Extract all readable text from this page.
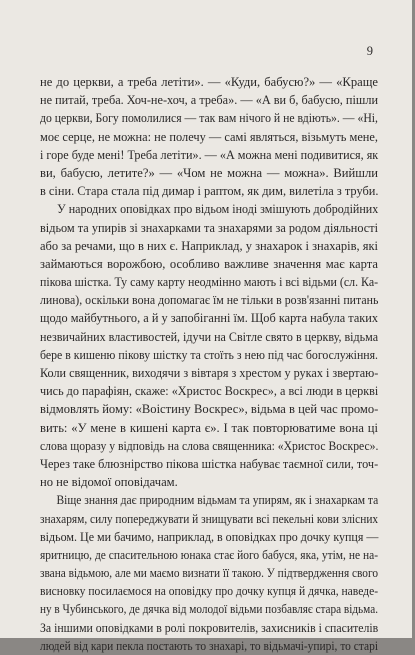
9
не до церкви, а треба летіти». — «Куди, бабусю?» — «Краще
не питай, треба. Хоч-не-хоч, а треба». — «А ви б, бабусю, пішли
до церкви, Богу помолилися — так вам нічого й не вдіють». — «Ні,
моє серце, не можна: не полечу — самі являться, візьмуть мене,
і горе буде мені! Треба летіти». — «А можна мені подивитися, як
ви, бабусю, летите?» — «Чом не можна — можна». Вийшли
в сіни. Стара стала під димар і раптом, як дим, вилетіла з труби.
У народних оповідках про відьом іноді змішують добродійних
відьом та упирів зі знахарками та знахарями за родом діяльності
або за речами, що в них є. Наприклад, у знахарок і знахарів, які
займаються ворожбою, особливо важливе значення має карта
пікова шістка. Ту саму карту неодмінно мають і всі відьми (сл. Ка-
линова), оскільки вона допомагає їм не тільки в розв'язанні питань
щодо майбутнього, а й у запобіганні їм. Щоб карта набула таких
незвичайних властивостей, ідучи на Світле свято в церкву, відьма
бере в кишеню пікову шістку та стоїть з нею під час богослужіння.
Коли священник, виходячи з вівтаря з хрестом у руках і звертаю-
чись до парафіян, скаже: «Христос Воскрес», а всі люди в церкві
відмовлять йому: «Воістину Воскрес», відьма в цей час промо-
вить: «У мене в кишені карта є». І так повторюватиме вона ці
слова щоразу у відповідь на слова священника: «Христос Воскрес».
Через таке блюзнірство пікова шістка набуває таємної сили, точ-
но не відомої оповідачам.
Віще знання дає природним відьмам та упирям, як і знахаркам та
знахарям, силу попереджувати й знищувати всі пекельні кови злісних
відьом. Це ми бачимо, наприклад, в оповідках про дочку купця —
яритницю, де спасительною юнака стає його бабуся, яка, утім, не на-
звана відьмою, але ми маємо визнати її такою. У підтвердження свого
висновку посилаємося на оповідку про дочку купця й дячка, наведе-
ну в Чубинського, де дячка від молодої відьми позбавляє стара відьма.
За іншими оповідками в ролі покровителів, захисників і спасителів
людей від кари пекла постають то знахарі, то відьмачі-упирі, то старі
